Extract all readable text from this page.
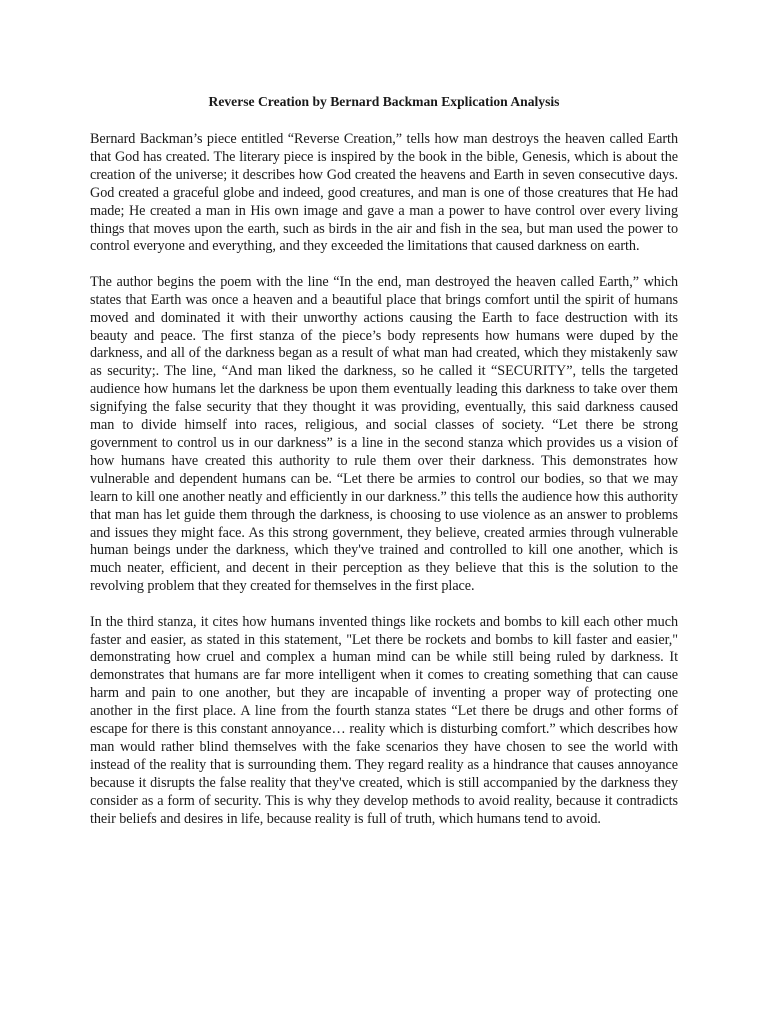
Reverse Creation by Bernard Backman Explication Analysis

Bernard Backman’s piece entitled “Reverse Creation,” tells how man destroys the heaven called Earth that God has created. The literary piece is inspired by the book in the bible, Genesis, which is about the creation of the universe; it describes how God created the heavens and Earth in seven consecutive days. God created a graceful globe and indeed, good creatures, and man is one of those creatures that He had made; He created a man in His own image and gave a man a power to have control over every living things that moves upon the earth, such as birds in the air and fish in the sea, but man used the power to control everyone and everything, and they exceeded the limitations that caused darkness on earth.

The author begins the poem with the line “In the end, man destroyed the heaven called Earth,” which states that Earth was once a heaven and a beautiful place that brings comfort until the spirit of humans moved and dominated it with their unworthy actions causing the Earth to face destruction with its beauty and peace. The first stanza of the piece’s body represents how humans were duped by the darkness, and all of the darkness began as a result of what man had created, which they mistakenly saw as security;. The line, “And man liked the darkness, so he called it “SECURITY”, tells the targeted audience how humans let the darkness be upon them eventually leading this darkness to take over them signifying the false security that they thought it was providing, eventually, this said darkness caused man to divide himself into races, religious, and social classes of society. “Let there be strong government to control us in our darkness” is a line in the second stanza which provides us a vision of how humans have created this authority to rule them over their darkness. This demonstrates how vulnerable and dependent humans can be. “Let there be armies to control our bodies, so that we may learn to kill one another neatly and efficiently in our darkness.” this tells the audience how this authority that man has let guide them through the darkness, is choosing to use violence as an answer to problems and issues they might face. As this strong government, they believe, created armies through vulnerable human beings under the darkness, which they've trained and controlled to kill one another, which is much neater, efficient, and decent in their perception as they believe that this is the solution to the revolving problem that they created for themselves in the first place.

In the third stanza, it cites how humans invented things like rockets and bombs to kill each other much faster and easier, as stated in this statement, "Let there be rockets and bombs to kill faster and easier," demonstrating how cruel and complex a human mind can be while still being ruled by darkness. It demonstrates that humans are far more intelligent when it comes to creating something that can cause harm and pain to one another, but they are incapable of inventing a proper way of protecting one another in the first place. A line from the fourth stanza states “Let there be drugs and other forms of escape for there is this constant annoyance… reality which is disturbing comfort.” which describes how man would rather blind themselves with the fake scenarios they have chosen to see the world with instead of the reality that is surrounding them. They regard reality as a hindrance that causes annoyance because it disrupts the false reality that they've created, which is still accompanied by the darkness they consider as a form of security. This is why they develop methods to avoid reality, because it contradicts their beliefs and desires in life, because reality is full of truth, which humans tend to avoid.
